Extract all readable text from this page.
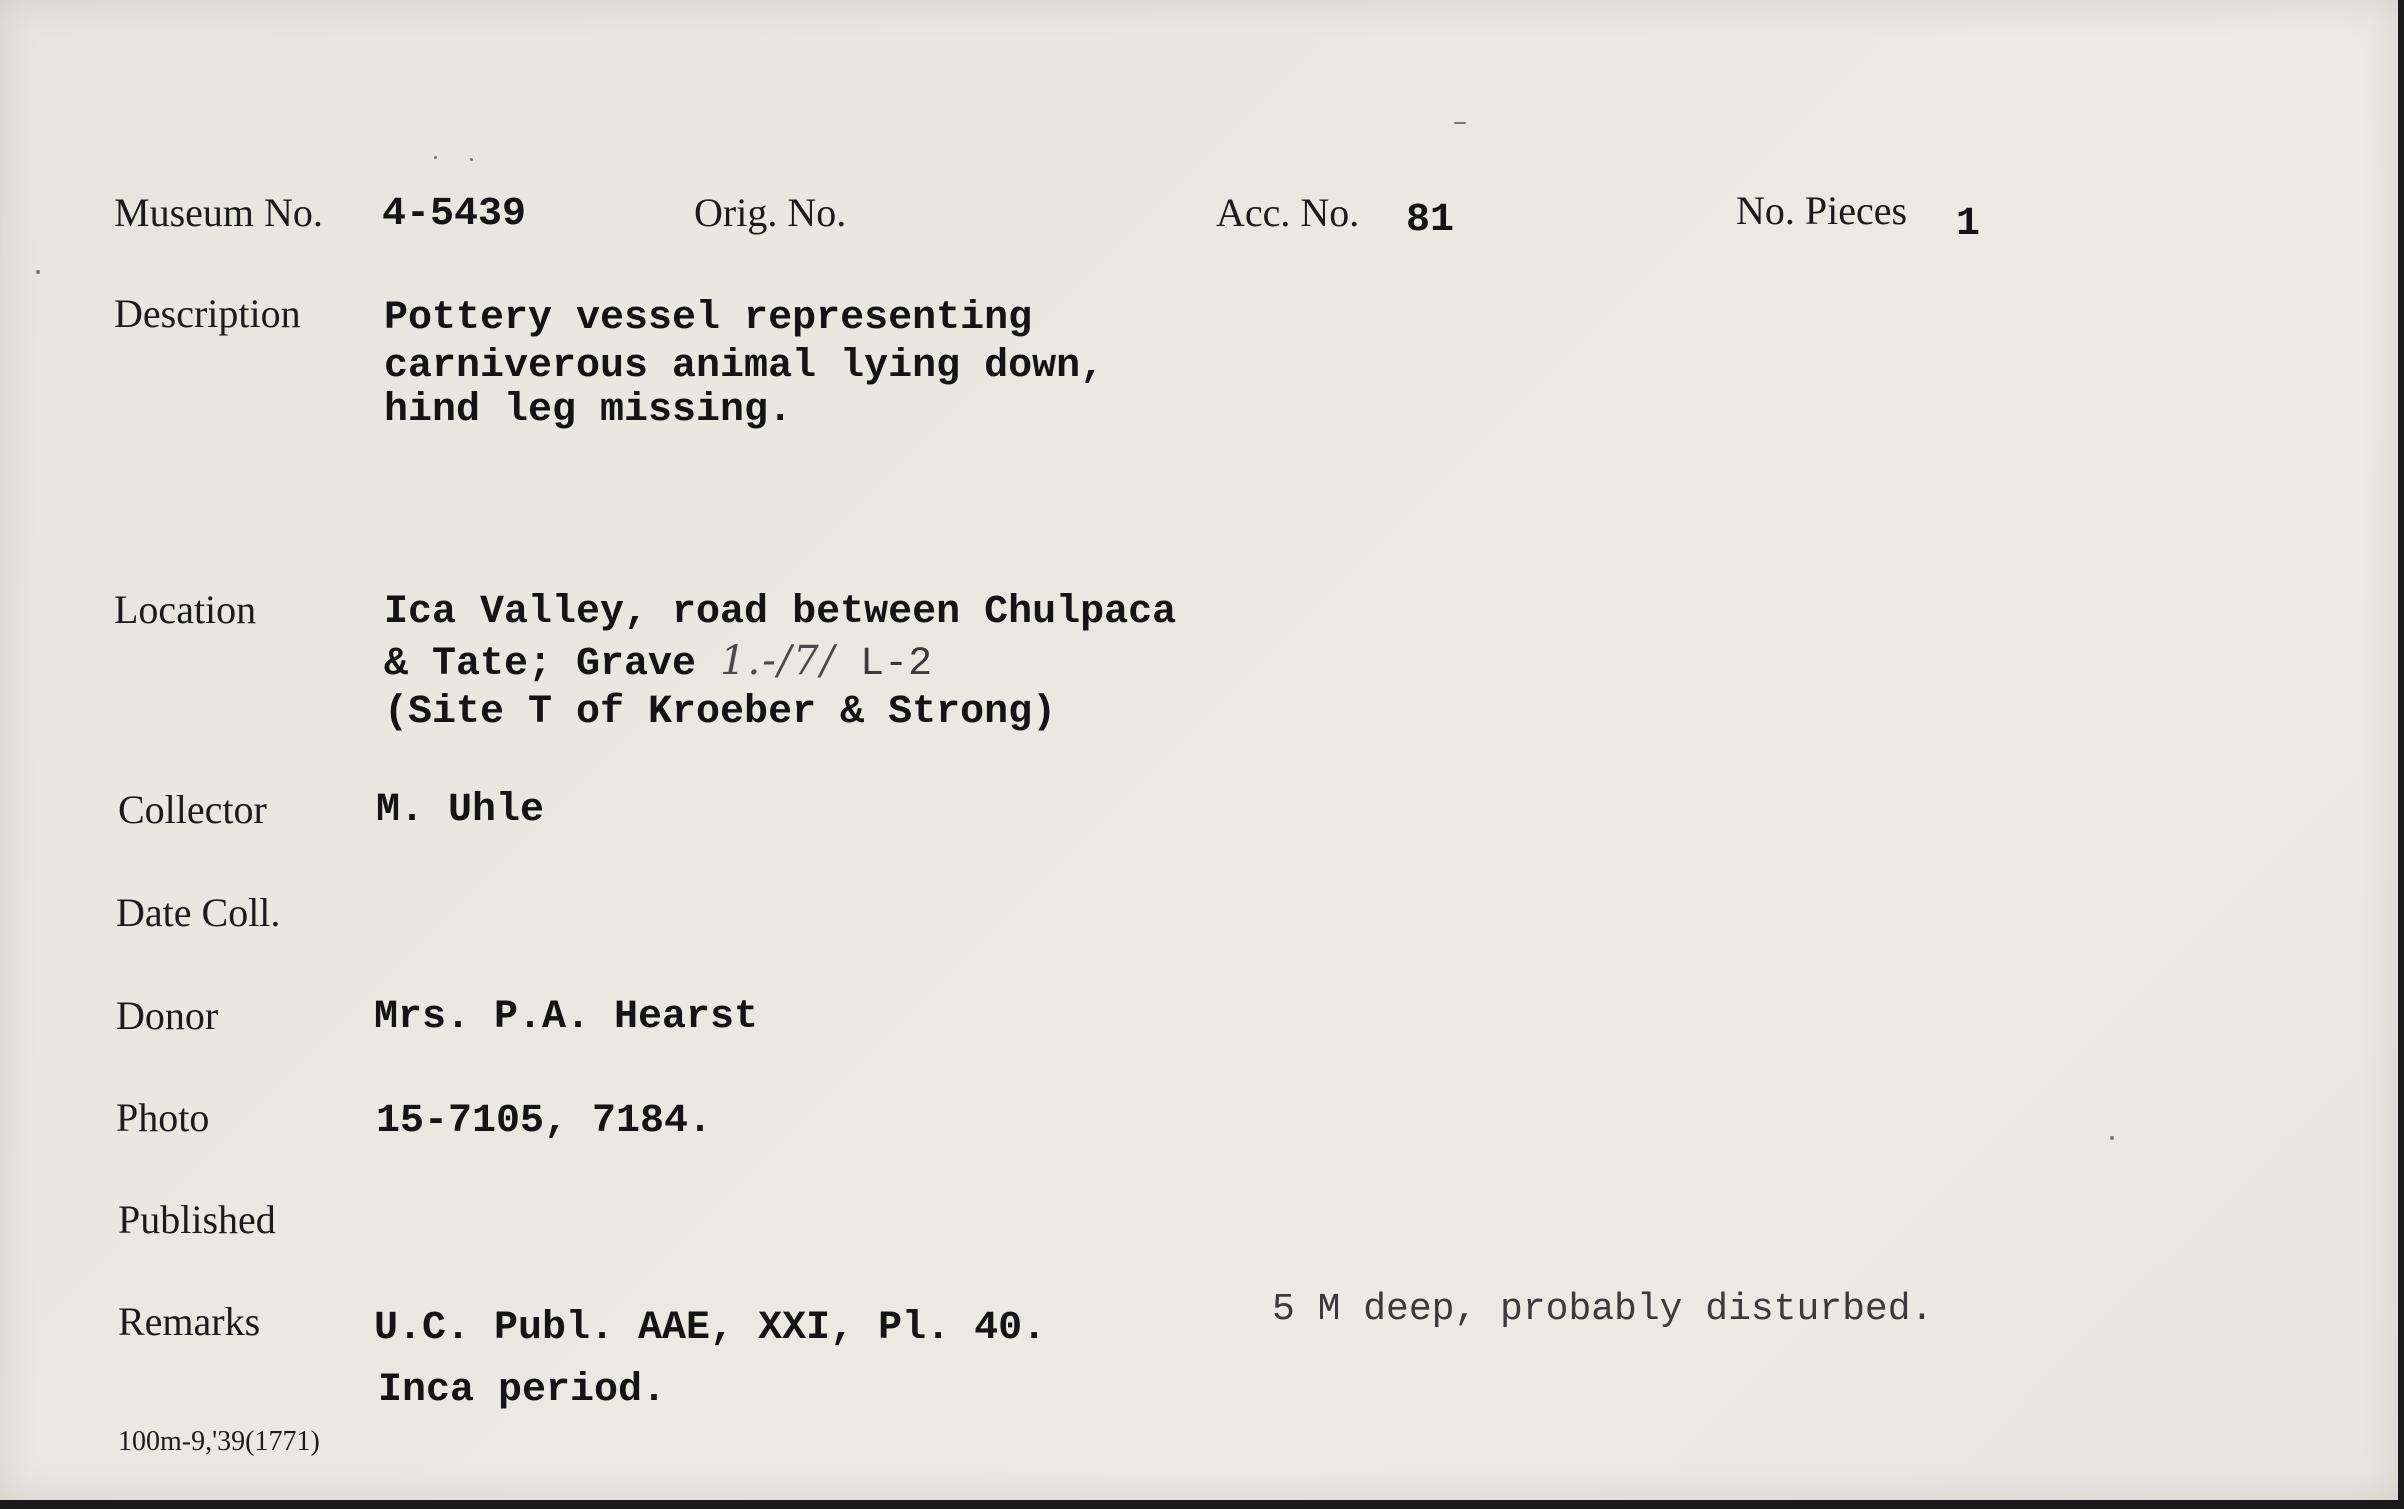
Museum No. 4-5439	Orig. No.	Acc. No. 81	No. Pieces 1
Description Pottery vessel representing
carniverous animal lying down,
hind leg missing.
Location	Ica Valley, road between Chulpaca
& Tate; Grave 1.-/7/ L-2
(Site T of Kroeber & Strong)
Collector	M. Uhle
Date Coll.
Donor	Mrs. P.A. Hearst
Photo	15-7105, 7184.
Published
Remarks	U.C. Publ. AAE, XXI, Pl. 40.
Inca period.
5 M deep, probably disturbed.
100m-9,'39(1771)
